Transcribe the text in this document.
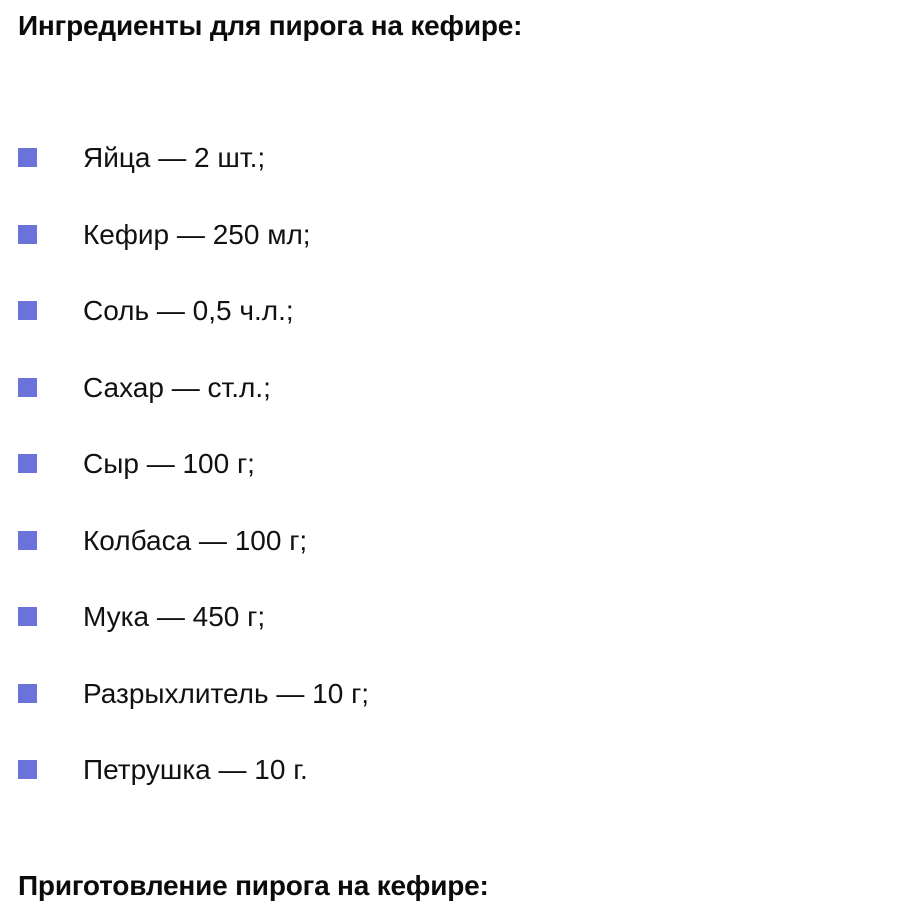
Ингредиенты для пирога на кефире:
Яйца — 2 шт.;
Кефир — 250 мл;
Соль — 0,5 ч.л.;
Сахар — ст.л.;
Сыр — 100 г;
Колбаса — 100 г;
Мука — 450 г;
Разрыхлитель — 10 г;
Петрушка — 10 г.
Приготовление пирога на кефире:
